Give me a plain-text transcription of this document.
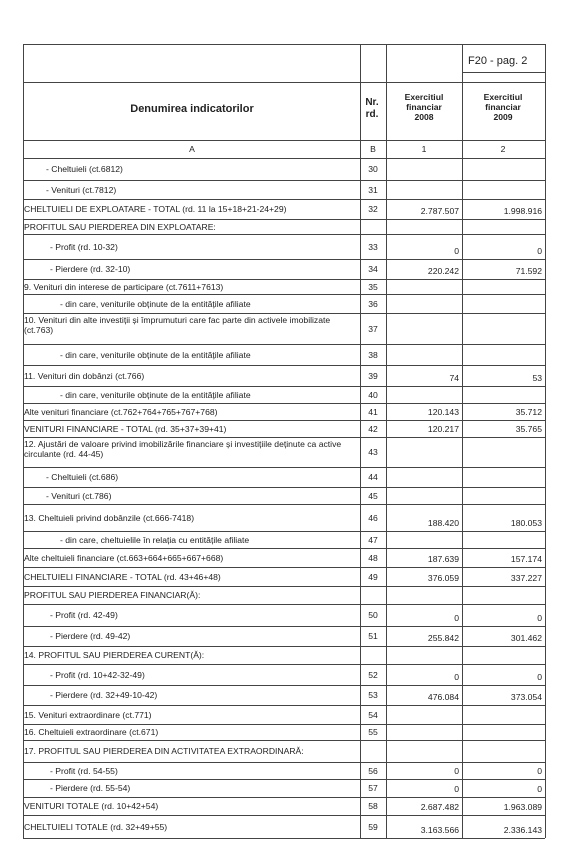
F20 - pag. 2
Denumirea indicatorilor
Nr. rd.
Exercitiul financiar 2008
Exercitiul financiar 2009
A	B	1	2
- Cheltuieli (ct.6812)	30
- Venituri (ct.7812)	31
CHELTUIELI DE EXPLOATARE - TOTAL (rd. 11 la 15+18+21-24+29)	32	2.787.507	1.998.916
PROFITUL SAU PIERDEREA DIN EXPLOATARE:
- Profit (rd. 10-32)	33	0	0
- Pierdere (rd. 32-10)	34	220.242	71.592
9. Venituri din interese de participare (ct.7611+7613)	35
- din care, veniturile obținute de la entitățile afiliate	36
10. Venituri din alte investiții și împrumuturi care fac parte din activele imobilizate (ct.763)	37
- din care, veniturile obținute de la entitățile afiliate	38
11. Venituri din dobânzi (ct.766)	39	74	53
- din care, veniturile obținute de la entitățile afiliate	40
Alte venituri financiare (ct.762+764+765+767+768)	41	120.143	35.712
VENITURI FINANCIARE - TOTAL (rd. 35+37+39+41)	42	120.217	35.765
12. Ajustări de valoare privind imobilizările financiare și investițiile deținute ca active circulante (rd. 44-45)	43
- Cheltuieli (ct.686)	44
- Venituri (ct.786)	45
13. Cheltuieli privind dobânzile (ct.666-7418)	46	188.420	180.053
- din care, cheltuielile în relația cu entitățile afiliate	47
Alte cheltuieli financiare (ct.663+664+665+667+668)	48	187.639	157.174
CHELTUIELI FINANCIARE - TOTAL (rd. 43+46+48)	49	376.059	337.227
PROFITUL SAU PIERDEREA FINANCIAR(Ă):
- Profit (rd. 42-49)	50	0	0
- Pierdere (rd. 49-42)	51	255.842	301.462
14. PROFITUL SAU PIERDEREA CURENT(Ă):
- Profit (rd. 10+42-32-49)	52	0	0
- Pierdere (rd. 32+49-10-42)	53	476.084	373.054
15. Venituri extraordinare (ct.771)	54
16. Cheltuieli extraordinare (ct.671)	55
17. PROFITUL SAU PIERDEREA DIN ACTIVITATEA EXTRAORDINARĂ:
- Profit (rd. 54-55)	56	0	0
- Pierdere (rd. 55-54)	57	0	0
VENITURI TOTALE (rd. 10+42+54)	58	2.687.482	1.963.089
CHELTUIELI TOTALE (rd. 32+49+55)	59	3.163.566	2.336.143
